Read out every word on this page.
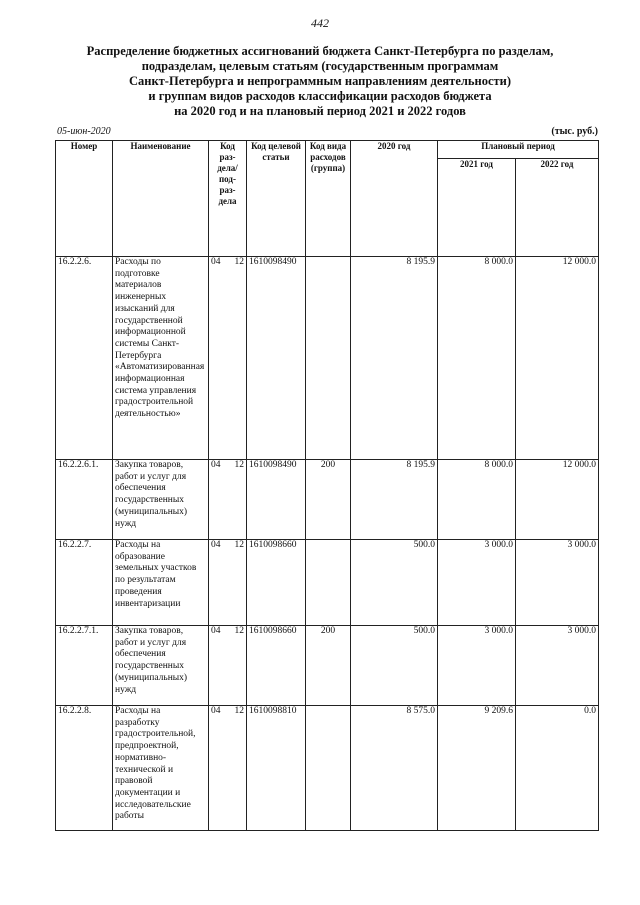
442
Распределение бюджетных ассигнований бюджета Санкт-Петербурга по разделам,
подразделам, целевым статьям (государственным программам
Санкт-Петербурга и непрограммным направлениям деятельности)
и группам видов расходов классификации расходов бюджета
на 2020 год и на плановый период 2021 и 2022 годов
05-июн-2020	(тыс. руб.)
Номер	Наименование	Код раз-дела/ под-раз-дела	Код целевой статьи	Код вида расходов (группа)	2020 год	Плановый период	
						2021 год	2022 год
16.2.2.6.	Расходы по подготовке материалов инженерных изысканий для государственной информационной системы Санкт-Петербурга «Автоматизированная информационная система управления градостроительной деятельностью»	04 12	1610098490		8 195.9	8 000.0	12 000.0
16.2.2.6.1.	Закупка товаров, работ и услуг для обеспечения государственных (муниципальных) нужд	04 12	1610098490	200	8 195.9	8 000.0	12 000.0
16.2.2.7.	Расходы на образование земельных участков по результатам проведения инвентаризации	04 12	1610098660		500.0	3 000.0	3 000.0
16.2.2.7.1.	Закупка товаров, работ и услуг для обеспечения государственных (муниципальных) нужд	04 12	1610098660	200	500.0	3 000.0	3 000.0
16.2.2.8.	Расходы на разработку градостроительной, предпроектной, нормативно-технической и правовой документации и исследовательские работы	04 12	1610098810		8 575.0	9 209.6	0.0
